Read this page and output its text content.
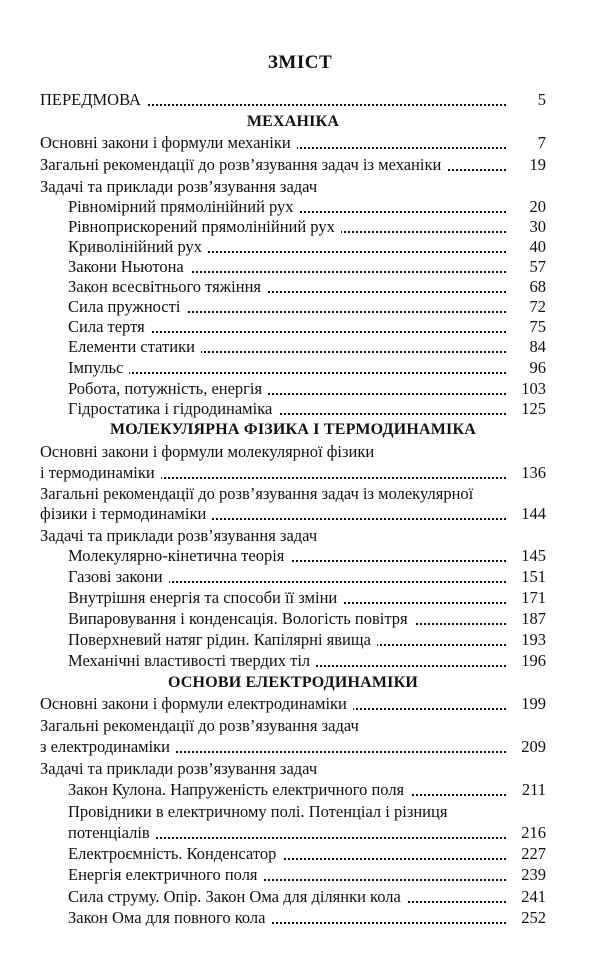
ЗМІСТ
ПЕРЕДМОВА	5
МЕХАНІКА
Основні закони і формули механіки	7
Загальні рекомендації до розв’язування задач із механіки	19
Задачі та приклади розв’язування задач
Рівномірний прямолінійний рух	20
Рівноприскорений прямолінійний рух	30
Криволінійний рух	40
Закони Ньютона	57
Закон всесвітнього тяжіння	68
Сила пружності	72
Сила тертя	75
Елементи статики	84
Імпульс	96
Робота, потужність, енергія	103
Гідростатика і гідродинаміка	125
МОЛЕКУЛЯРНА ФІЗИКА І ТЕРМОДИНАМІКА
Основні закони і формули молекулярної фізики
і термодинаміки	136
Загальні рекомендації до розв’язування задач із молекулярної
фізики і термодинаміки	144
Задачі та приклади розв’язування задач
Молекулярно-кінетична теорія	145
Газові закони	151
Внутрішня енергія та способи її зміни	171
Випаровування і конденсація. Вологість повітря	187
Поверхневий натяг рідин. Капілярні явища	193
Механічні властивості твердих тіл	196
ОСНОВИ ЕЛЕКТРОДИНАМІКИ
Основні закони і формули електродинаміки	199
Загальні рекомендації до розв’язування задач
з електродинаміки	209
Задачі та приклади розв’язування задач
Закон Кулона. Напруженість електричного поля	211
Провідники в електричному полі. Потенціал і різниця
потенціалів	216
Електроємність. Конденсатор	227
Енергія електричного поля	239
Сила струму. Опір. Закон Ома для ділянки кола	241
Закон Ома для повного кола	252
